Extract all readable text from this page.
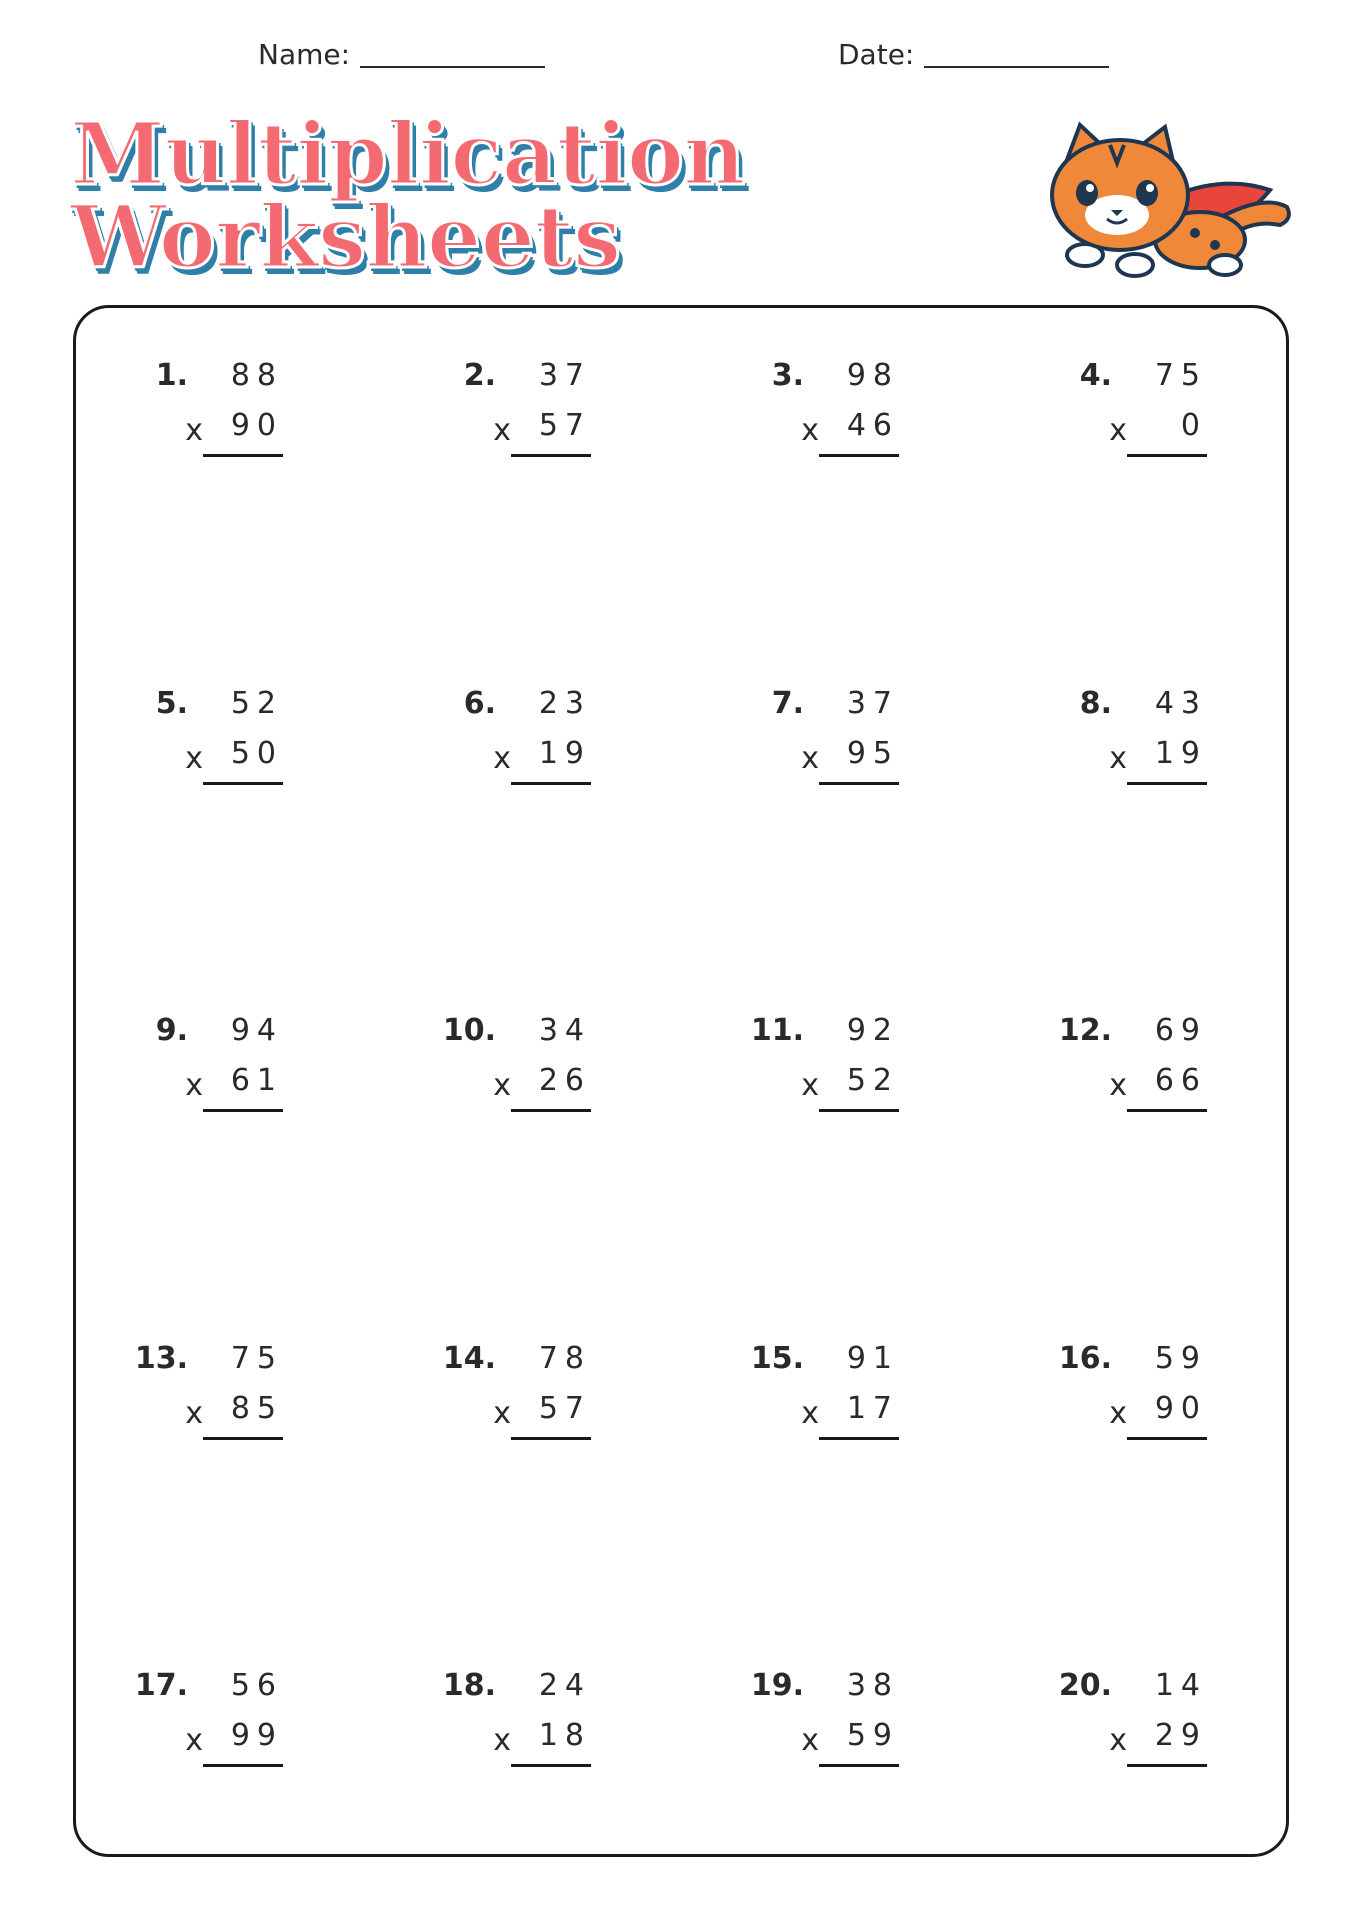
Name:	Date:
Multiplication
Worksheets
1. 88
x 90
2. 37
x 57
3. 98
x 46
4. 75
x 0
5. 52
x 50
6. 23
x 19
7. 37
x 95
8. 43
x 19
9. 94
x 61
10. 34
x 26
11. 92
x 52
12. 69
x 66
13. 75
x 85
14. 78
x 57
15. 91
x 17
16. 59
x 90
17. 56
x 99
18. 24
x 18
19. 38
x 59
20. 14
x 29
